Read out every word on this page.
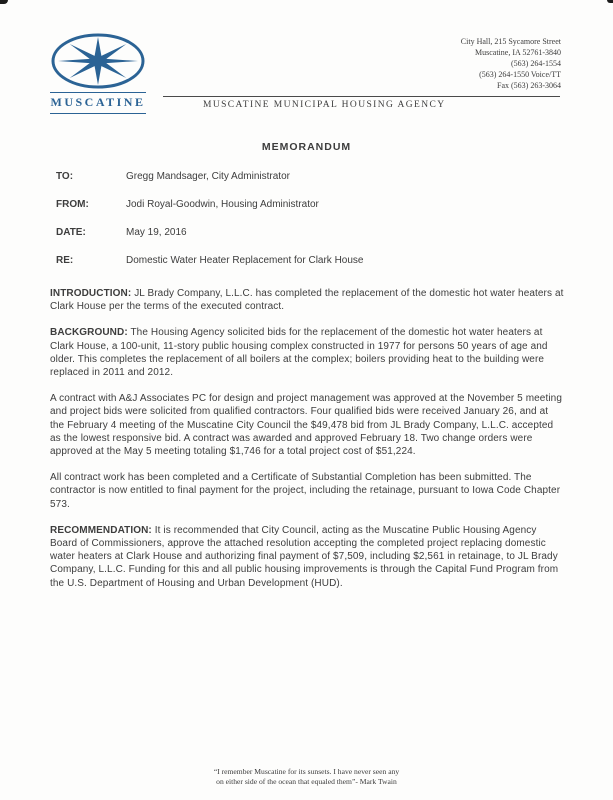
MUSCATINE
City Hall, 215 Sycamore Street
Muscatine, IA 52761-3840
(563) 264-1554
(563) 264-1550 Voice/TT
Fax (563) 263-3064
MUSCATINE MUNICIPAL HOUSING AGENCY
MEMORANDUM
TO:	Gregg Mandsager, City Administrator
FROM:	Jodi Royal-Goodwin, Housing Administrator
DATE:	May 19, 2016
RE:	Domestic Water Heater Replacement for Clark House

INTRODUCTION: JL Brady Company, L.L.C. has completed the replacement of the domestic hot water heaters at Clark House per the terms of the executed contract.

BACKGROUND: The Housing Agency solicited bids for the replacement of the domestic hot water heaters at Clark House, a 100-unit, 11-story public housing complex constructed in 1977 for persons 50 years of age and older. This completes the replacement of all boilers at the complex; boilers providing heat to the building were replaced in 2011 and 2012.

A contract with A&J Associates PC for design and project management was approved at the November 5 meeting and project bids were solicited from qualified contractors. Four qualified bids were received January 26, and at the February 4 meeting of the Muscatine City Council the $49,478 bid from JL Brady Company, L.L.C. accepted as the lowest responsive bid. A contract was awarded and approved February 18. Two change orders were approved at the May 5 meeting totaling $1,746 for a total project cost of $51,224.

All contract work has been completed and a Certificate of Substantial Completion has been submitted. The contractor is now entitled to final payment for the project, including the retainage, pursuant to Iowa Code Chapter 573.

RECOMMENDATION: It is recommended that City Council, acting as the Muscatine Public Housing Agency Board of Commissioners, approve the attached resolution accepting the completed project replacing domestic water heaters at Clark House and authorizing final payment of $7,509, including $2,561 in retainage, to JL Brady Company, L.L.C. Funding for this and all public housing improvements is through the Capital Fund Program from the U.S. Department of Housing and Urban Development (HUD).

“I remember Muscatine for its sunsets. I have never seen any
on either side of the ocean that equaled them”- Mark Twain
